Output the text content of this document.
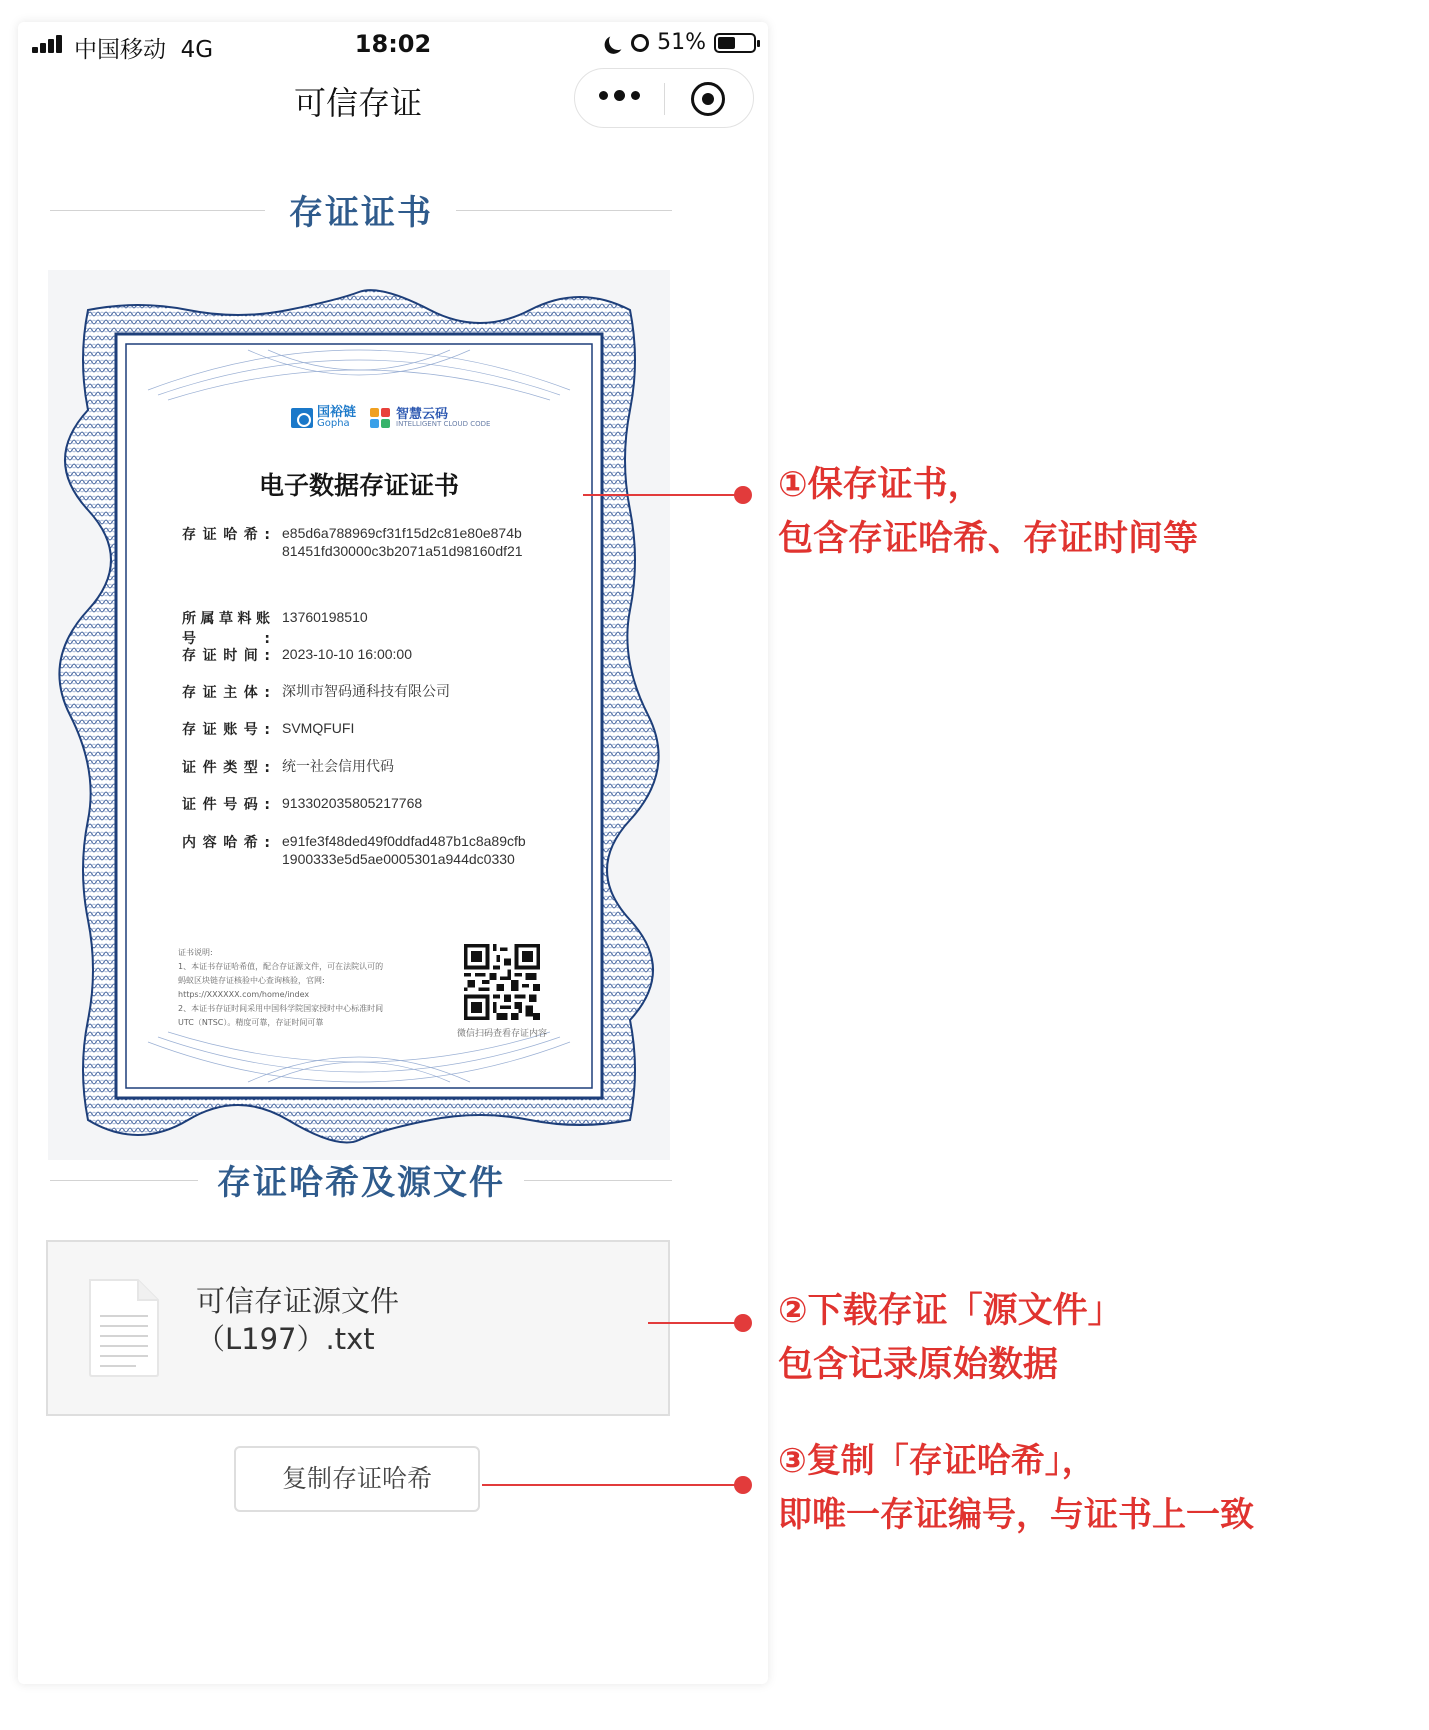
中国移动 4G	18:02	51%
可信存证
存证证书
国裕链
Gopha
智慧云码
INTELLIGENT CLOUD CODE
电子数据存证证书
存证哈希: e85d6a788969cf31f15d2c81e80e874b
81451fd30000c3b2071a51d98160df21
所属草料账号:
13760198510
存证时间: 2023-10-10 16:00:00
存证主体: 深圳市智码通科技有限公司
存证账号: SVMQFUFI
证件类型: 统一社会信用代码
证件号码: 913302035805217768
内容哈希: e91fe3f48ded49f0ddfad487b1c8a89cfb
1900333e5d5ae0005301a944dc0330
证书说明:
1、本证书存证哈希值，配合存证源文件，可在法院认可的
蚂蚁区块链存证核验中心查询核验，官网:
https://XXXXXX.com/home/index
2、本证书存证时间采用中国科学院国家授时中心标准时间
UTC（NTSC）。精度可靠，存证时间可靠
微信扫码查看存证内容
存证哈希及源文件
可信存证源文件
（L197）.txt
复制存证哈希
①保存证书，
包含存证哈希、存证时间等
②下载存证「源文件」
包含记录原始数据
③复制「存证哈希」，
即唯一存证编号，与证书上一致
